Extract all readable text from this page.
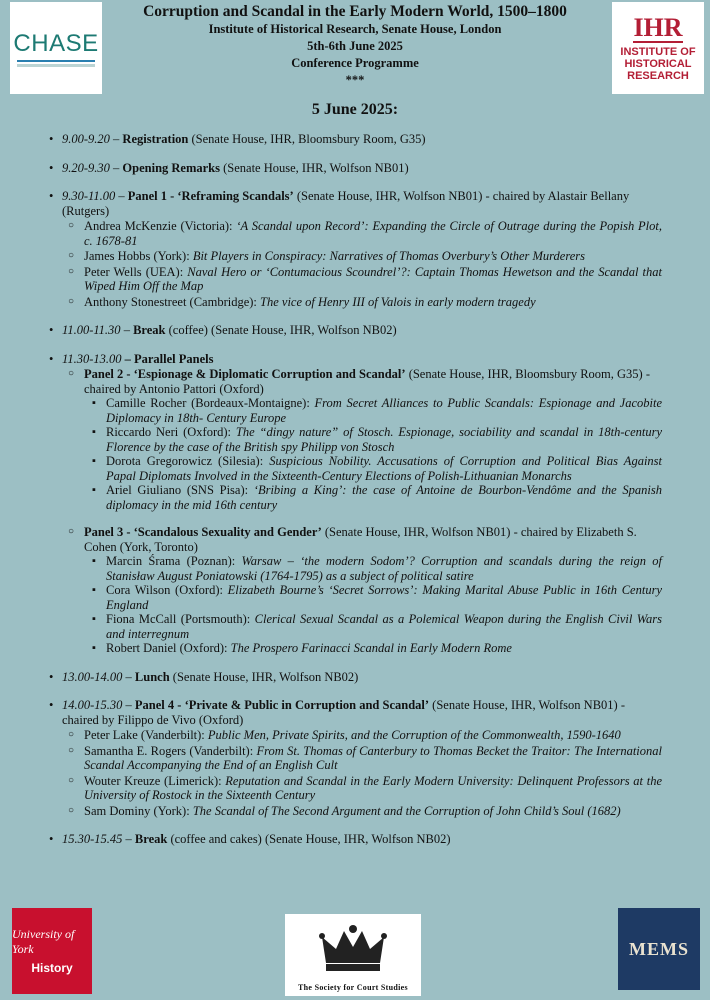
CHASE
Corruption and Scandal in the Early Modern World, 1500–1800
Institute of Historical Research, Senate House, London
5th-6th June 2025
Conference Programme
***
IHR
INSTITUTE OF
HISTORICAL
RESEARCH
5 June 2025:
• 9.00-9.20 – Registration (Senate House, IHR, Bloomsbury Room, G35)
• 9.20-9.30 – Opening Remarks (Senate House, IHR, Wolfson NB01)
• 9.30-11.00 – Panel 1 - ‘Reframing Scandals’ (Senate House, IHR, Wolfson NB01) - chaired by Alastair Bellany (Rutgers)
○ Andrea McKenzie (Victoria): ‘A Scandal upon Record’: Expanding the Circle of Outrage during the Popish Plot, c. 1678-81
○ James Hobbs (York): Bit Players in Conspiracy: Narratives of Thomas Overbury’s Other Murderers
○ Peter Wells (UEA): Naval Hero or ‘Contumacious Scoundrel’?: Captain Thomas Hewetson and the Scandal that Wiped Him Off the Map
○ Anthony Stonestreet (Cambridge): The vice of Henry III of Valois in early modern tragedy
• 11.00-11.30 – Break (coffee) (Senate House, IHR, Wolfson NB02)
• 11.30-13.00 – Parallel Panels
○ Panel 2 - ‘Espionage & Diplomatic Corruption and Scandal’ (Senate House, IHR, Bloomsbury Room, G35) - chaired by Antonio Pattori (Oxford)
▪ Camille Rocher (Bordeaux-Montaigne): From Secret Alliances to Public Scandals: Espionage and Jacobite Diplomacy in 18th- Century Europe
▪ Riccardo Neri (Oxford): The “dingy nature” of Stosch. Espionage, sociability and scandal in 18th-century Florence by the case of the British spy Philipp von Stosch
▪ Dorota Gregorowicz (Silesia): Suspicious Nobility. Accusations of Corruption and Political Bias Against Papal Diplomats Involved in the Sixteenth-Century Elections of Polish-Lithuanian Monarchs
▪ Ariel Giuliano (SNS Pisa): ‘Bribing a King’: the case of Antoine de Bourbon-Vendôme and the Spanish diplomacy in the mid 16th century
○ Panel 3 - ‘Scandalous Sexuality and Gender’ (Senate House, IHR, Wolfson NB01) - chaired by Elizabeth S. Cohen (York, Toronto)
▪ Marcin Śrama (Poznan): Warsaw – ‘the modern Sodom’? Corruption and scandals during the reign of Stanisław August Poniatowski (1764-1795) as a subject of political satire
▪ Cora Wilson (Oxford): Elizabeth Bourne’s ‘Secret Sorrows’: Making Marital Abuse Public in 16th Century England
▪ Fiona McCall (Portsmouth): Clerical Sexual Scandal as a Polemical Weapon during the English Civil Wars and interregnum
▪ Robert Daniel (Oxford): The Prospero Farinacci Scandal in Early Modern Rome
• 13.00-14.00 – Lunch (Senate House, IHR, Wolfson NB02)
• 14.00-15.30 – Panel 4 - ‘Private & Public in Corruption and Scandal’ (Senate House, IHR, Wolfson NB01) - chaired by Filippo de Vivo (Oxford)
○ Peter Lake (Vanderbilt): Public Men, Private Spirits, and the Corruption of the Commonwealth, 1590-1640
○ Samantha E. Rogers (Vanderbilt): From St. Thomas of Canterbury to Thomas Becket the Traitor: The International Scandal Accompanying the End of an English Cult
○ Wouter Kreuze (Limerick): Reputation and Scandal in the Early Modern University: Delinquent Professors at the University of Rostock in the Sixteenth Century
○ Sam Dominy (York): The Scandal of The Second Argument and the Corruption of John Child’s Soul (1682)
• 15.30-15.45 – Break (coffee and cakes) (Senate House, IHR, Wolfson NB02)
University of York
History
The Society for Court Studies
MEMS
